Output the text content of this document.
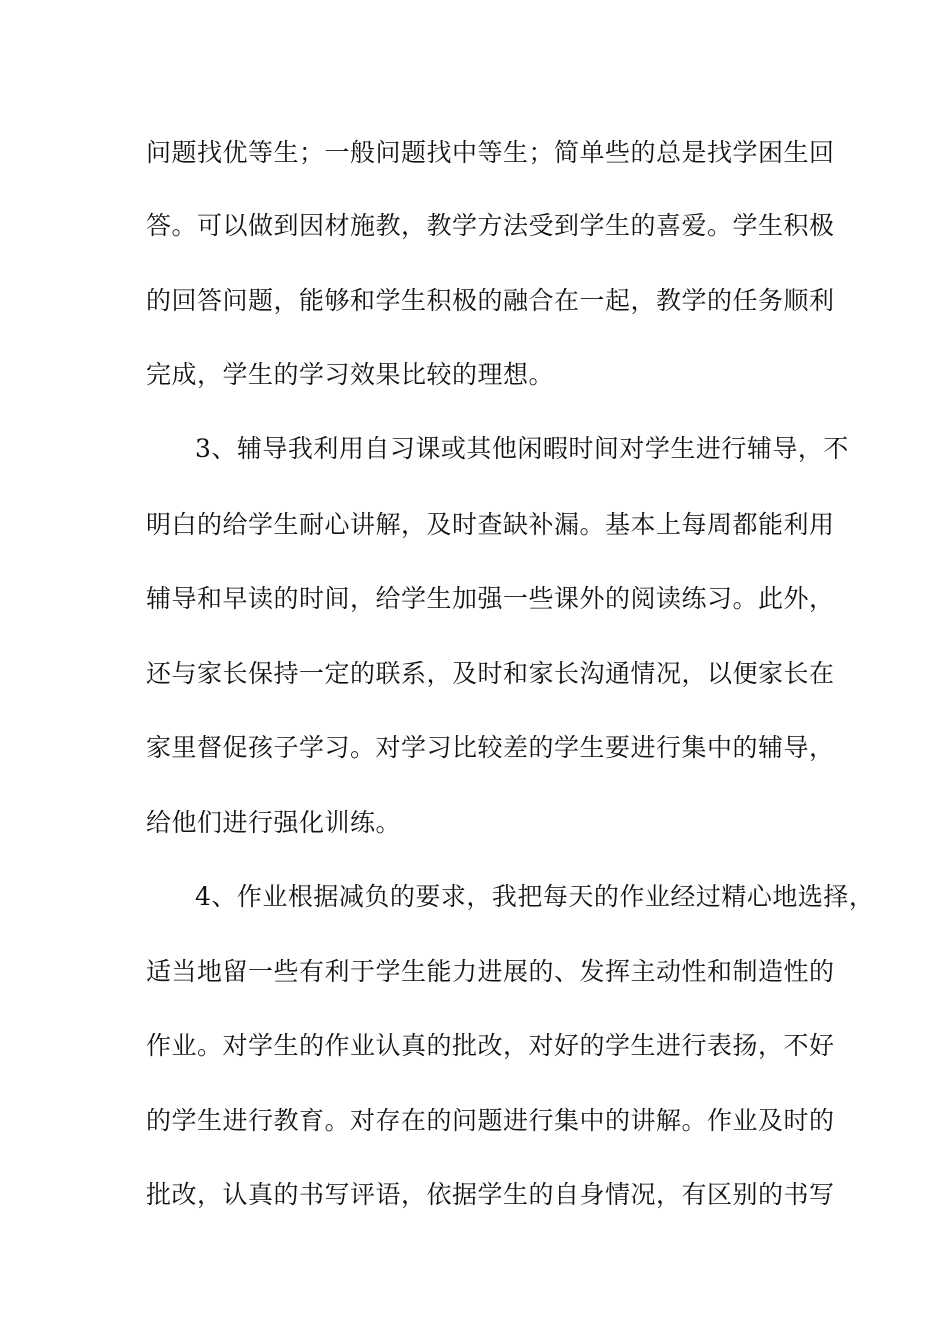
问题找优等生；一般问题找中等生；简单些的总是找学困生回
答。可以做到因材施教，教学方法受到学生的喜爱。学生积极
的回答问题，能够和学生积极的融合在一起，教学的任务顺利
完成，学生的学习效果比较的理想。
3、辅导我利用自习课或其他闲暇时间对学生进行辅导，不
明白的给学生耐心讲解，及时查缺补漏。基本上每周都能利用
辅导和早读的时间，给学生加强一些课外的阅读练习。此外，
还与家长保持一定的联系，及时和家长沟通情况，以便家长在
家里督促孩子学习。对学习比较差的学生要进行集中的辅导，
给他们进行强化训练。
4、作业根据减负的要求，我把每天的作业经过精心地选择，
适当地留一些有利于学生能力进展的、发挥主动性和制造性的
作业。对学生的作业认真的批改，对好的学生进行表扬，不好
的学生进行教育。对存在的问题进行集中的讲解。作业及时的
批改，认真的书写评语，依据学生的自身情况，有区别的书写
